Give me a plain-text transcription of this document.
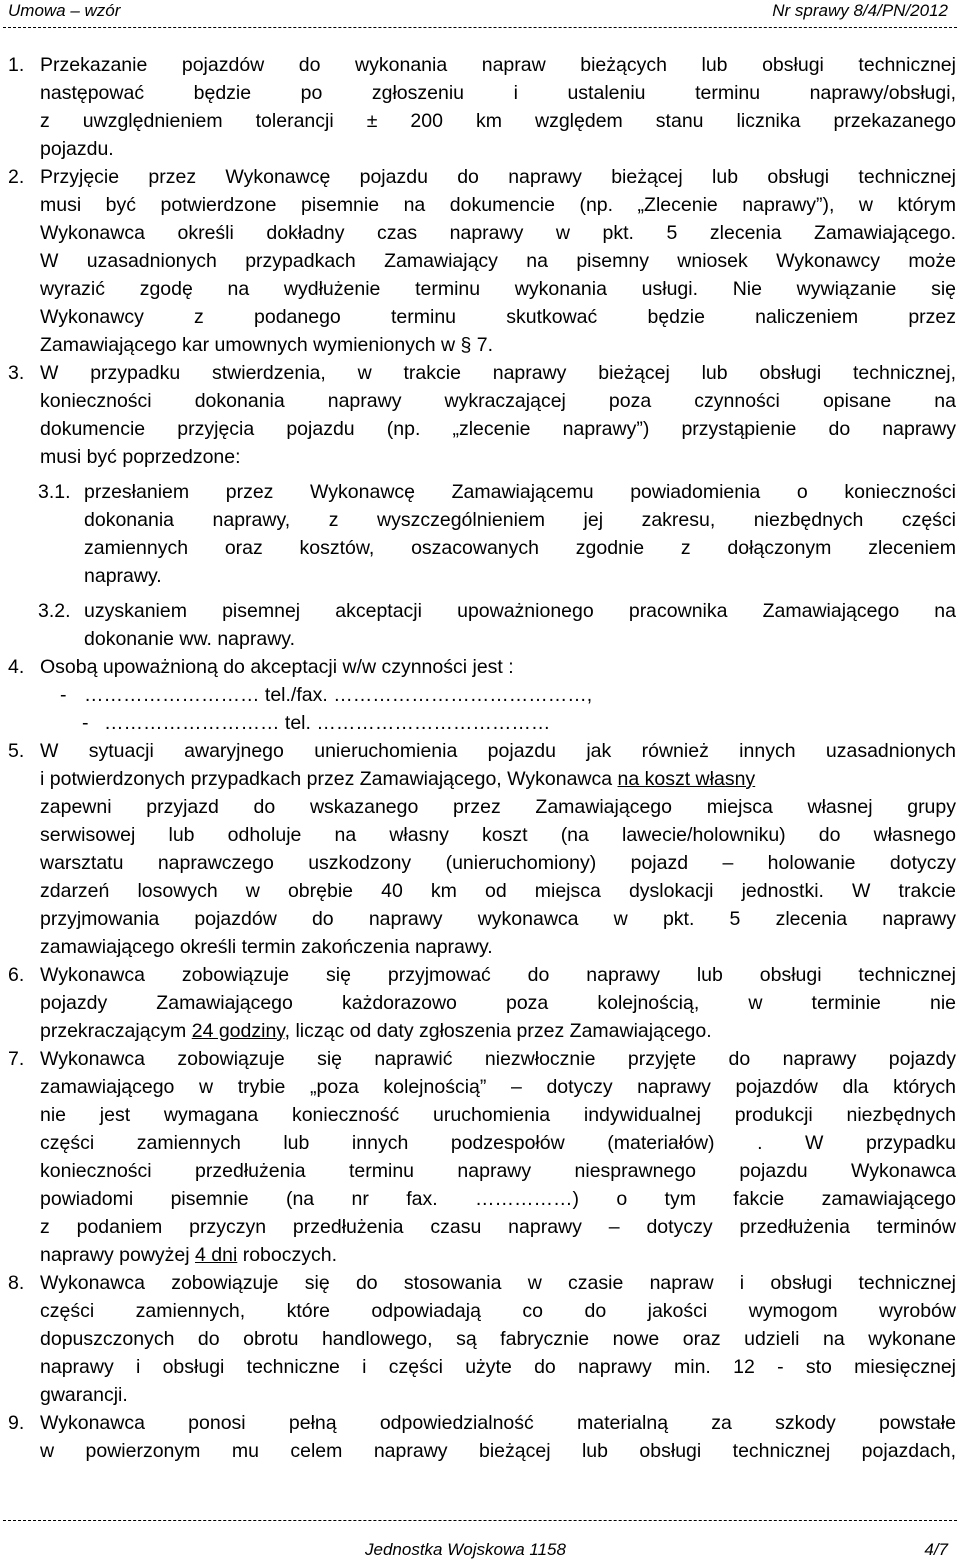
Umowa – wzór	Nr sprawy 8/4/PN/2012
1. Przekazanie pojazdów do wykonania napraw bieżących lub obsługi technicznej
następować będzie po zgłoszeniu i ustaleniu terminu naprawy/obsługi,
z uwzględnieniem tolerancji ± 200 km względem stanu licznika przekazanego
pojazdu.
2. Przyjęcie przez Wykonawcę pojazdu do naprawy bieżącej lub obsługi technicznej
musi być potwierdzone pisemnie na dokumencie (np. „Zlecenie naprawy”), w którym
Wykonawca określi dokładny czas naprawy w pkt. 5 zlecenia Zamawiającego.
W uzasadnionych przypadkach Zamawiający na pisemny wniosek Wykonawcy może
wyrazić zgodę na wydłużenie terminu wykonania usługi. Nie wywiązanie się
Wykonawcy z podanego terminu skutkować będzie naliczeniem przez
Zamawiającego kar umownych wymienionych w § 7.
3. W przypadku stwierdzenia, w trakcie naprawy bieżącej lub obsługi technicznej,
konieczności dokonania naprawy wykraczającej poza czynności opisane na
dokumencie przyjęcia pojazdu (np. „zlecenie naprawy”) przystąpienie do naprawy
musi być poprzedzone:
3.1. przesłaniem przez Wykonawcę Zamawiającemu powiadomienia o konieczności
dokonania naprawy, z wyszczególnieniem jej zakresu, niezbędnych części
zamiennych oraz kosztów, oszacowanych zgodnie z dołączonym zleceniem
naprawy.
3.2. uzyskaniem pisemnej akceptacji upoważnionego pracownika Zamawiającego na
dokonanie ww. naprawy.
4. Osobą upoważnioną do akceptacji w/w czynności jest :
- ……………………… tel./fax. …………………………………,
- ……………………… tel. ………………………………
5. W sytuacji awaryjnego unieruchomienia pojazdu jak również innych uzasadnionych
i potwierdzonych przypadkach przez Zamawiającego, Wykonawca na koszt własny
zapewni przyjazd do wskazanego przez Zamawiającego miejsca własnej grupy
serwisowej lub odholuje na własny koszt (na lawecie/holowniku) do własnego
warsztatu naprawczego uszkodzony (unieruchomiony) pojazd – holowanie dotyczy
zdarzeń losowych w obrębie 40 km od miejsca dyslokacji jednostki. W trakcie
przyjmowania pojazdów do naprawy wykonawca w pkt. 5 zlecenia naprawy
zamawiającego określi termin zakończenia naprawy.
6. Wykonawca zobowiązuje się przyjmować do naprawy lub obsługi technicznej
pojazdy Zamawiającego każdorazowo poza kolejnością, w terminie nie
przekraczającym 24 godziny, licząc od daty zgłoszenia przez Zamawiającego.
7. Wykonawca zobowiązuje się naprawić niezwłocznie przyjęte do naprawy pojazdy
zamawiającego w trybie „poza kolejnością” – dotyczy naprawy pojazdów dla których
nie jest wymagana konieczność uruchomienia indywidualnej produkcji niezbędnych
części zamiennych lub innych podzespołów (materiałów) . W przypadku
konieczności przedłużenia terminu naprawy niesprawnego pojazdu Wykonawca
powiadomi pisemnie (na nr fax. ……………) o tym fakcie zamawiającego
z podaniem przyczyn przedłużenia czasu naprawy – dotyczy przedłużenia terminów
naprawy powyżej 4 dni roboczych.
8. Wykonawca zobowiązuje się do stosowania w czasie napraw i obsługi technicznej
części zamiennych, które odpowiadają co do jakości wymogom wyrobów
dopuszczonych do obrotu handlowego, są fabrycznie nowe oraz udzieli na wykonane
naprawy i obsługi techniczne i części użyte do naprawy min. 12 - sto miesięcznej
gwarancji.
9. Wykonawca ponosi pełną odpowiedzialność materialną za szkody powstałe
w powierzonym mu celem naprawy bieżącej lub obsługi technicznej pojazdach,
Jednostka Wojskowa 1158	4/7
